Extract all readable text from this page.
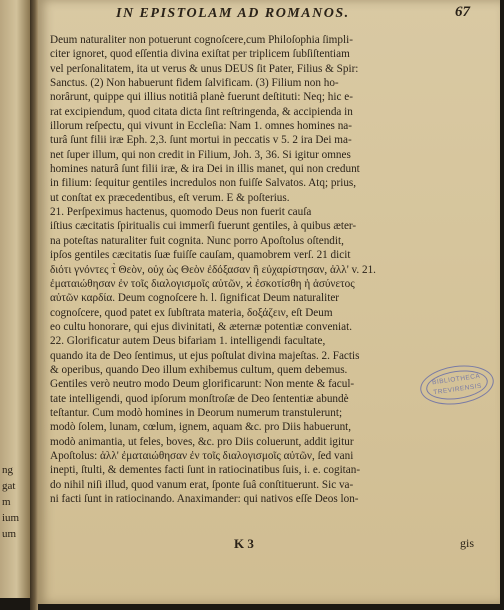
ng
gat
m
ium
um
IN EPISTOLAM AD ROMANOS.	67
Deum naturaliter non potuerunt cognoſcere,cum Philoſophia ſimpli-
citer ignoret, quod eſſentia divina exiſtat per triplicem ſubſiſtentiam
vel perſonalitatem, ita ut verus & unus DEUS ſit Pater, Filius & Spir:
Sanctus. (2) Non habuerunt fidem ſalvificam. (3) Filium non ho-
norârunt, quippe qui illius notitiâ planè fuerunt deſtituti: Neq; hic e-
rat excipiendum, quod citata dicta ſint reſtringenda, & accipienda in
illorum reſpectu, qui vivunt in Eccleſia: Nam 1. omnes homines na-
turâ ſunt filii iræ Eph. 2,3. ſunt mortui in peccatis v 5. 2 ira Dei ma-
net ſuper illum, qui non credit in Filium, Joh. 3, 36. Si igitur omnes
homines naturâ ſunt filii iræ, & ira Dei in illis manet, qui non credunt
in filium: ſequitur gentiles incredulos non fuiſſe Salvatos. Atq; prius,
ut conſtat ex præcedentibus, eſt verum. E & poſterius.
21. Perſpeximus hactenus, quomodo Deus non fuerit cauſa
iſtius cæcitatis ſpiritualis cui immerſi fuerunt gentiles, à quibus æter-
na poteſtas naturaliter fuit cognita. Nunc porro Apoſtolus oſtendit,
ipſos gentiles cæcitatis ſuæ fuiſſe cauſam, quamobrem verſ. 21 dicit
διότι γνόντες τ̀ Θεὸν, οὐχ ὡς Θεὸν ἐδόξασαν ἢ εὐχαρίστησαν, ἀλλ' v. 21.
ἐματαιώθησαν ἐν τοῖς διαλογισμοῖς αὐτῶν, ϰ̀ ἐσκοτίσθη ἡ ἀσύνετος
αὐτῶν καρδία. Deum cognoſcere h. l. ſignificat Deum naturaliter
cognoſcere, quod patet ex ſubſtrata materia, δοξάζειν, eſt Deum
eo cultu honorare, qui ejus divinitati, & æternæ potentiæ conveniat.
22. Glorificatur autem Deus bifariam 1. intelligendi facultate,
quando ita de Deo ſentimus, ut ejus poſtulat divina majeſtas. 2. Factis
& operibus, quando Deo illum exhibemus cultum, quem debemus.
Gentiles verò neutro modo Deum glorificarunt: Non mente & facul-
tate intelligendi, quod ipſorum monſtroſæ de Deo ſententiæ abundè
teſtantur. Cum modò homines in Deorum numerum transtulerunt;
modò ſolem, lunam, cœlum, ignem, aquam &c. pro Diis habuerunt,
modò animantia, ut feles, boves, &c. pro Diis coluerunt, addit igitur
Apoſtolus: ἀλλ' ἐματαιώθησαν ἐν τοῖς διαλογισμοῖς αὐτῶν, ſed vani
inepti, ſtulti, & dementes facti ſunt in ratiocinatibus ſuis, i. e. cogitan-
do nihil niſi illud, quod vanum erat, ſponte ſuâ conſtituerunt. Sic va-
ni facti ſunt in ratiocinando. Anaximander: qui nativos eſſe Deos lon-
BIBLIOTHECA
TREVIRENSIS
K 3	gis
